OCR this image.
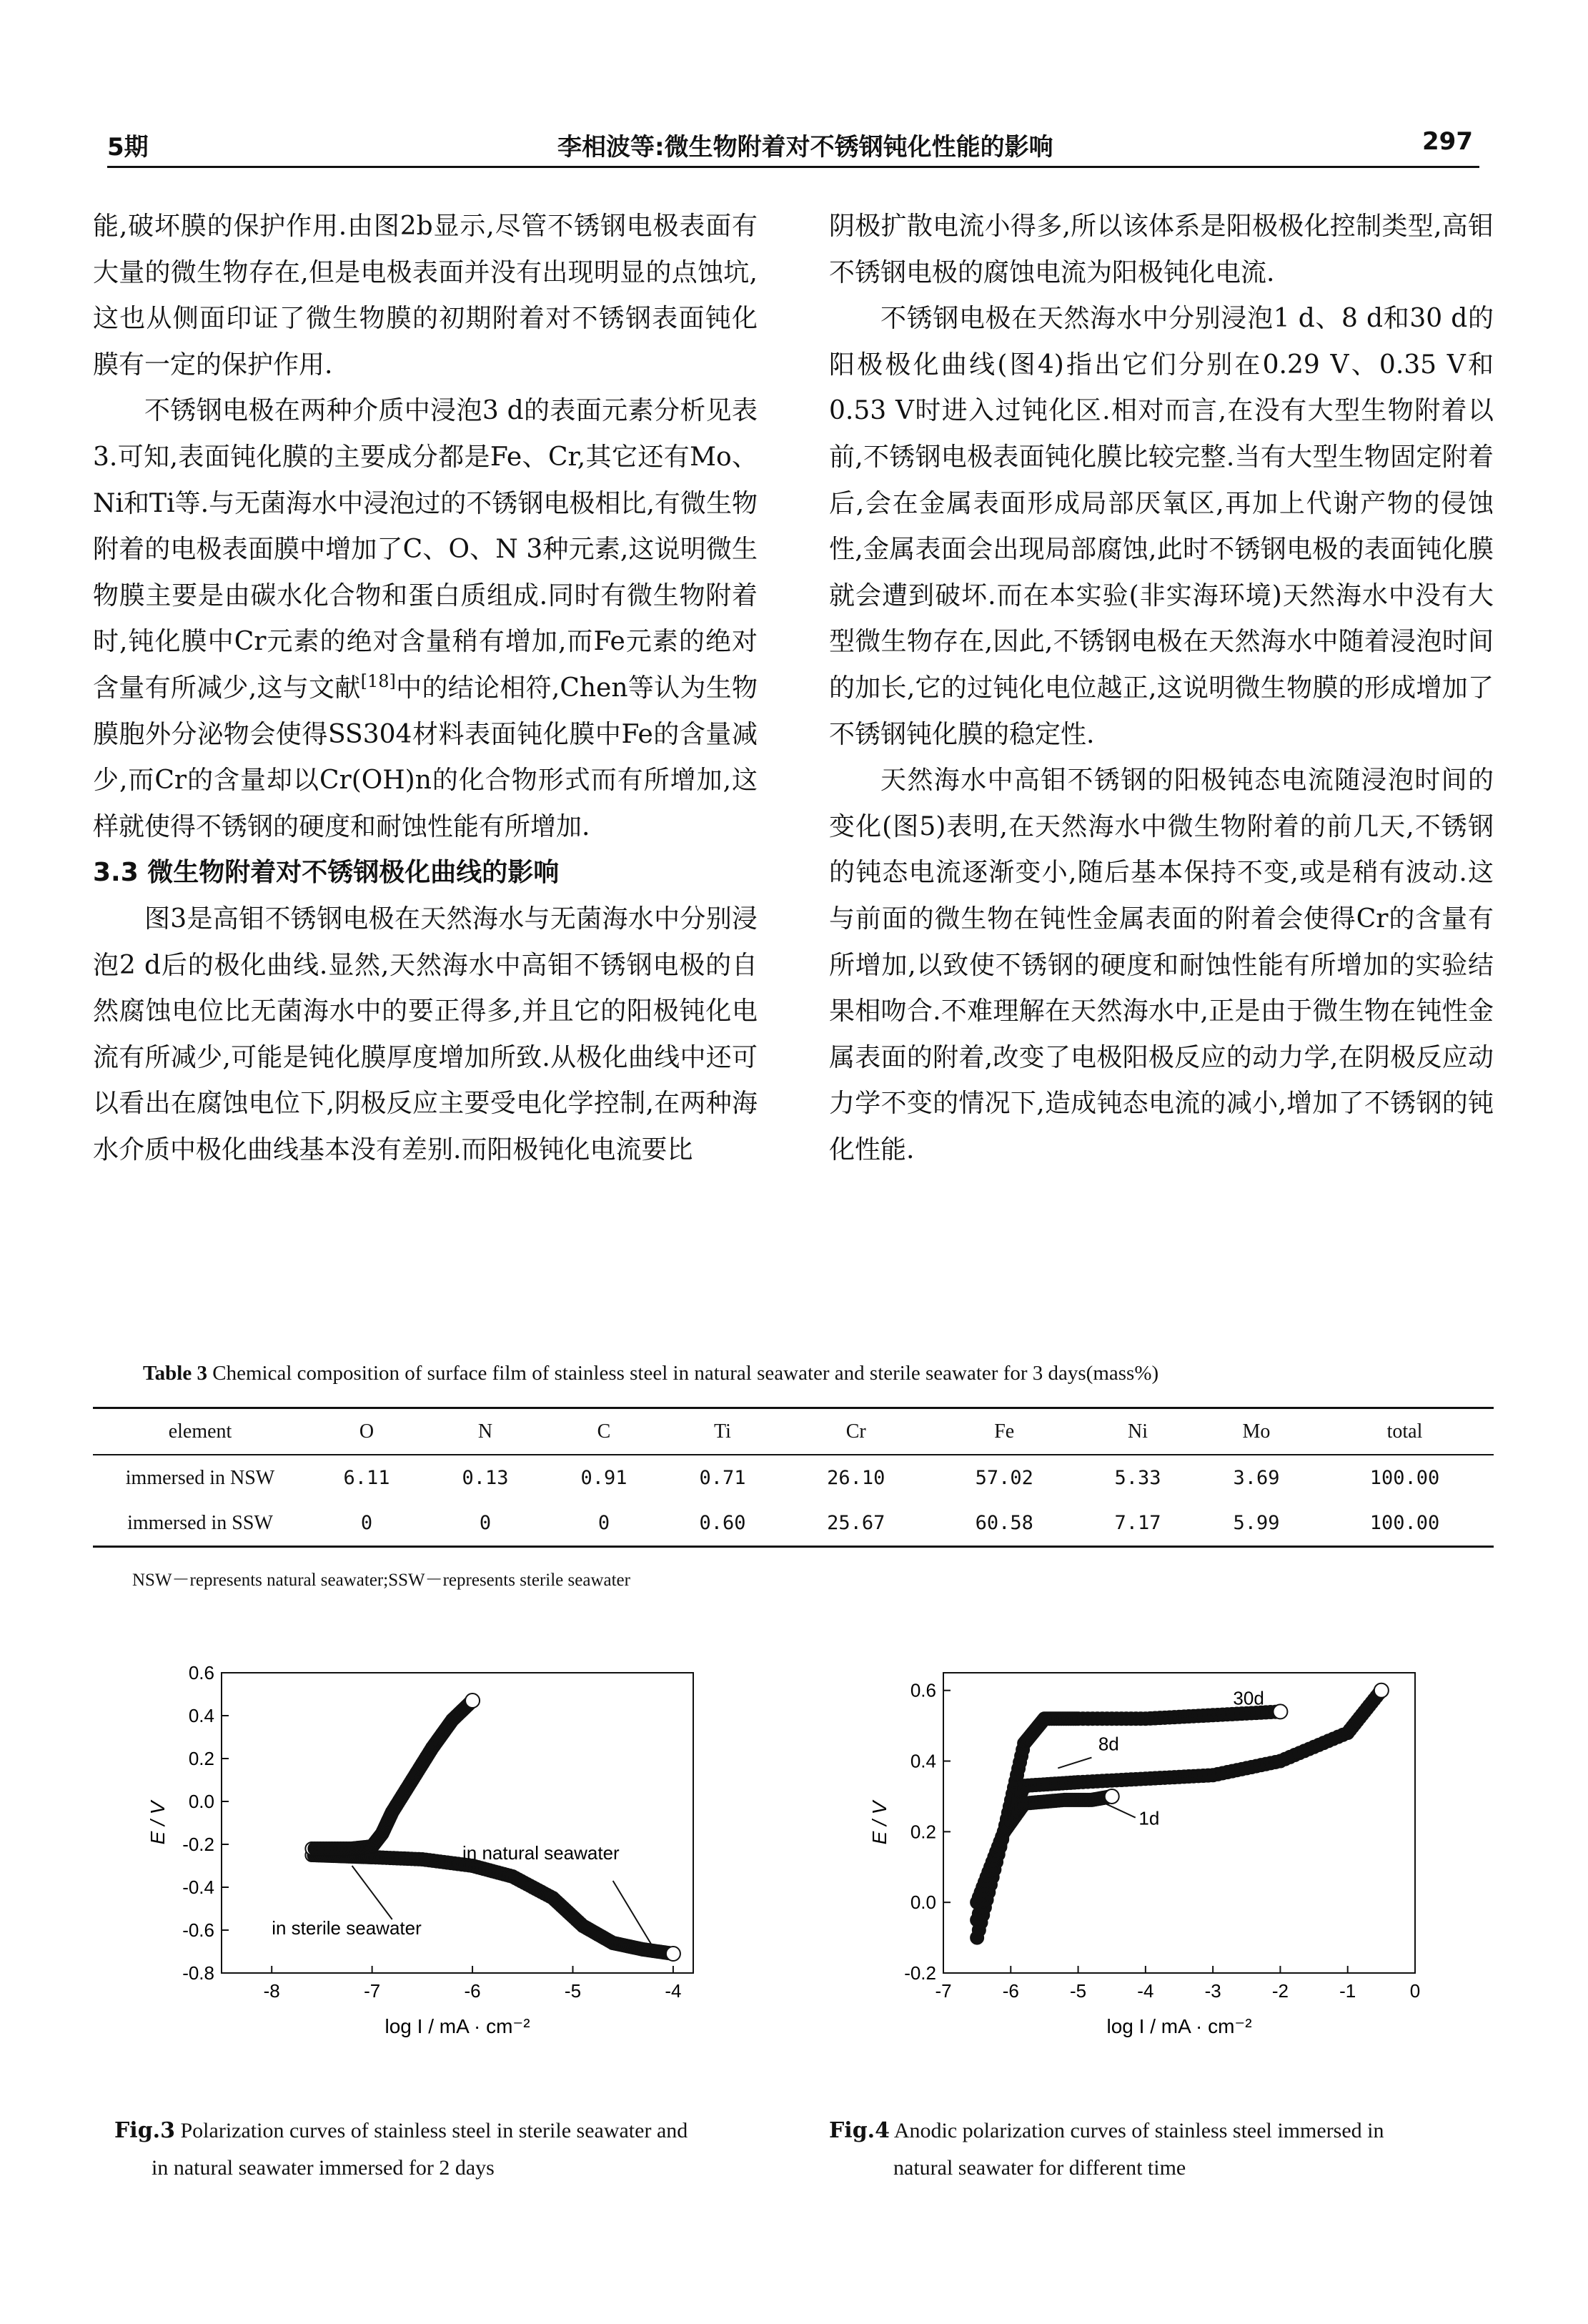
5期	李相波等:微生物附着对不锈钢钝化性能的影响	297

能,破坏膜的保护作用.由图2b显示,尽管不锈钢电极表面有大量的微生物存在,但是电极表面并没有出现明显的点蚀坑,这也从侧面印证了微生物膜的初期附着对不锈钢表面钝化膜有一定的保护作用.

不锈钢电极在两种介质中浸泡3 d的表面元素分析见表3.可知,表面钝化膜的主要成分都是Fe、Cr,其它还有Mo、Ni和Ti等.与无菌海水中浸泡过的不锈钢电极相比,有微生物附着的电极表面膜中增加了C、O、N 3种元素,这说明微生物膜主要是由碳水化合物和蛋白质组成.同时有微生物附着时,钝化膜中Cr元素的绝对含量稍有增加,而Fe元素的绝对含量有所减少,这与文献[18]中的结论相符,Chen等认为生物膜胞外分泌物会使得SS304材料表面钝化膜中Fe的含量减少,而Cr的含量却以Cr(OH)n的化合物形式而有所增加,这样就使得不锈钢的硬度和耐蚀性能有所增加.

3.3 微生物附着对不锈钢极化曲线的影响

图3是高钼不锈钢电极在天然海水与无菌海水中分别浸泡2 d后的极化曲线.显然,天然海水中高钼不锈钢电极的自然腐蚀电位比无菌海水中的要正得多,并且它的阳极钝化电流有所减少,可能是钝化膜厚度增加所致.从极化曲线中还可以看出在腐蚀电位下,阴极反应主要受电化学控制,在两种海水介质中极化曲线基本没有差别.而阳极钝化电流要比

阴极扩散电流小得多,所以该体系是阳极极化控制类型,高钼不锈钢电极的腐蚀电流为阳极钝化电流.

不锈钢电极在天然海水中分别浸泡1 d、8 d和30 d的阳极极化曲线(图4)指出它们分别在0.29 V、0.35 V和0.53 V时进入过钝化区.相对而言,在没有大型生物附着以前,不锈钢电极表面钝化膜比较完整.当有大型生物固定附着后,会在金属表面形成局部厌氧区,再加上代谢产物的侵蚀性,金属表面会出现局部腐蚀,此时不锈钢电极的表面钝化膜就会遭到破坏.而在本实验(非实海环境)天然海水中没有大型微生物存在,因此,不锈钢电极在天然海水中随着浸泡时间的加长,它的过钝化电位越正,这说明微生物膜的形成增加了不锈钢钝化膜的稳定性.

天然海水中高钼不锈钢的阳极钝态电流随浸泡时间的变化(图5)表明,在天然海水中微生物附着的前几天,不锈钢的钝态电流逐渐变小,随后基本保持不变,或是稍有波动.这与前面的微生物在钝性金属表面的附着会使得Cr的含量有所增加,以致使不锈钢的硬度和耐蚀性能有所增加的实验结果相吻合.不难理解在天然海水中,正是由于微生物在钝性金属表面的附着,改变了电极阳极反应的动力学,在阴极反应动力学不变的情况下,造成钝态电流的减小,增加了不锈钢的钝化性能.

Table 3 Chemical composition of surface film of stainless steel in natural seawater and sterile seawater for 3 days(mass%)
element	O	N	C	Ti	Cr	Fe	Ni	Mo	total
immersed in NSW	6.11	0.13	0.91	0.71	26.10	57.02	5.33	3.69	100.00
immersed in SSW	0	0	0	0.60	25.67	60.58	7.17	5.99	100.00
NSW－represents natural seawater;SSW－represents sterile seawater
-8	-7	-6	-5	-4
-0.8
-0.6
-0.4
-0.2
0.0
0.2
0.4
0.6
log I / mA · cm⁻²
E / V
in natural seawater
in sterile seawater
-7	-6	-5	-4	-3	-2	-1	0
-0.2
0.0
0.2
0.4
0.6
log I / mA · cm⁻²
E / V
30d
8d
1d
Fig.3 Polarization curves of stainless steel in sterile seawater and
in natural seawater immersed for 2 days
Fig.4 Anodic polarization curves of stainless steel immersed in
natural seawater for different time
